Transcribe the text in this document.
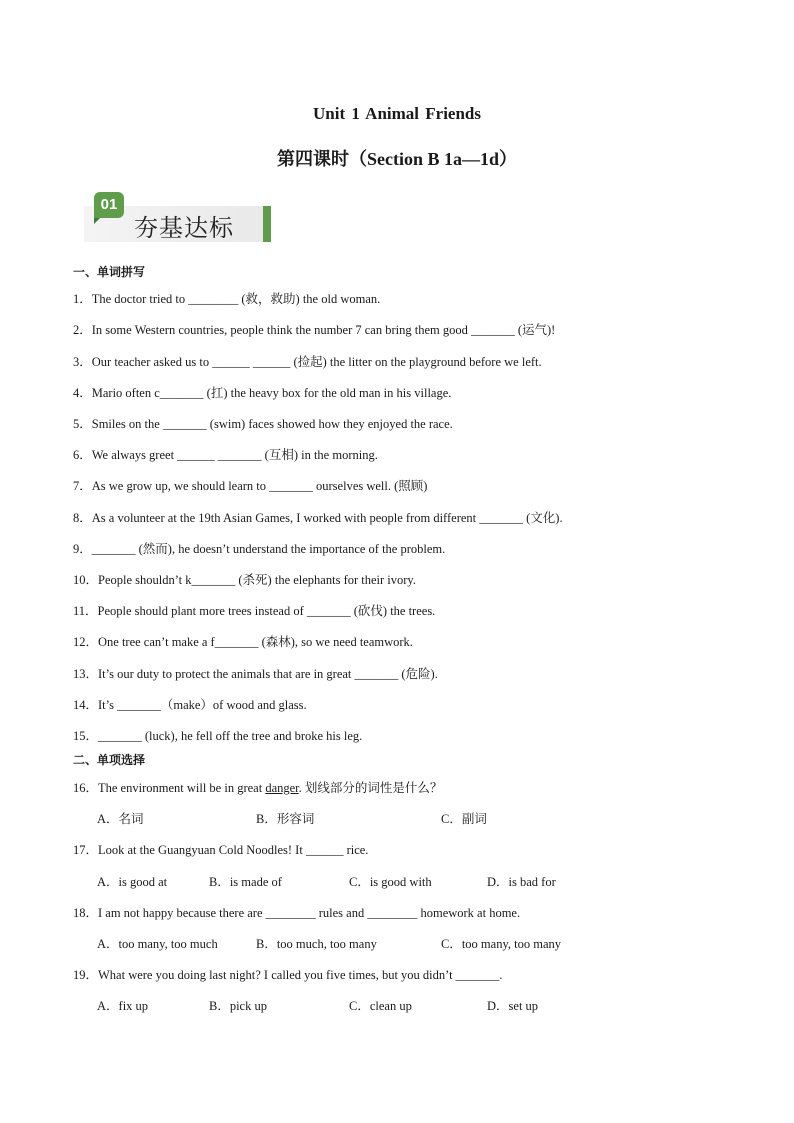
Unit 1 Animal Friends
第四课时（Section B 1a—1d）
01
夯基达标
一、单词拼写
1．The doctor tried to ________ (救，救助) the old woman.
2．In some Western countries, people think the number 7 can bring them good _______ (运气)!
3．Our teacher asked us to ______ ______ (捡起) the litter on the playground before we left.
4．Mario often c_______ (扛) the heavy box for the old man in his village.
5．Smiles on the _______ (swim) faces showed how they enjoyed the race.
6．We always greet ______ _______ (互相) in the morning.
7．As we grow up, we should learn to _______ ourselves well. (照顾)
8．As a volunteer at the 19th Asian Games, I worked with people from different _______ (文化).
9．_______ (然而), he doesn’t understand the importance of the problem.
10．People shouldn’t k_______ (杀死) the elephants for their ivory.
11．People should plant more trees instead of _______ (砍伐) the trees.
12．One tree can’t make a f_______ (森林), so we need teamwork.
13．It’s our duty to protect the animals that are in great _______ (危险).
14．It’s _______（make）of wood and glass.
15．_______ (luck), he fell off the tree and broke his leg.
二、单项选择
16．The environment will be in great danger. 划线部分的词性是什么？
A．名词	B．形容词	C．副词
17．Look at the Guangyuan Cold Noodles! It ______ rice.
A．is good at	B．is made of	C．is good with	D．is bad for
18．I am not happy because there are ________ rules and ________ homework at home.
A．too many, too much	B．too much, too many	C．too many, too many
19．What were you doing last night? I called you five times, but you didn’t _______.
A．fix up	B．pick up	C．clean up	D．set up
